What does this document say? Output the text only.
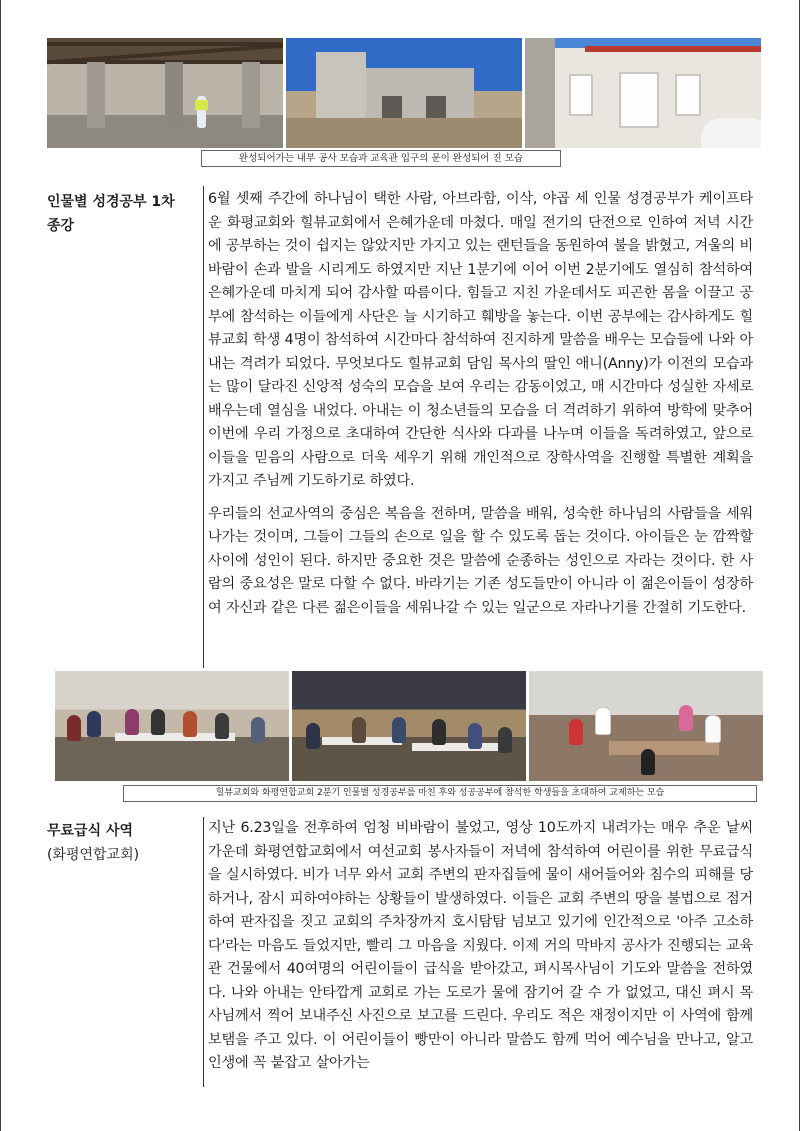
완성되어가는 내부 공사 모습과 교육관 입구의 문이 완성되어 진 모습
인물별 성경공부 1차 종강

6월 셋째 주간에 하나님이 택한 사람, 아브라함, 이삭, 야곱 세 인물 성경공부가 케이프타운 화평교회와 힐뷰교회에서 은혜가운데 마쳤다. 매일 전기의 단전으로 인하여 저녁 시간에 공부하는 것이 쉽지는 않았지만 가지고 있는 랜턴들을 동원하여 불을 밝혔고, 겨울의 비바람이 손과 발을 시리게도 하였지만 지난 1분기에 이어 이번 2분기에도 열심히 참석하여 은혜가운데 마치게 되어 감사할 따름이다. 힘들고 지친 가운데서도 피곤한 몸을 이끌고 공부에 참석하는 이들에게 사단은 늘 시기하고 훼방을 놓는다. 이번 공부에는 감사하게도 힐뷰교회 학생 4명이 참석하여 시간마다 참석하여 진지하게 말씀을 배우는 모습들에 나와 아내는 격려가 되었다. 무엇보다도 힐뷰교회 담임 목사의 딸인 애니(Anny)가 이전의 모습과는 많이 달라진 신앙적 성숙의 모습을 보여 우리는 감동이었고, 매 시간마다 성실한 자세로 배우는데 열심을 내었다. 아내는 이 청소년들의 모습을 더 격려하기 위하여 방학에 맞추어 이번에 우리 가정으로 초대하여 간단한 식사와 다과를 나누며 이들을 독려하였고, 앞으로 이들을 믿음의 사람으로 더욱 세우기 위해 개인적으로 장학사역을 진행할 특별한 계획을 가지고 주님께 기도하기로 하였다.

우리들의 선교사역의 중심은 복음을 전하며, 말씀을 배워, 성숙한 하나님의 사람들을 세워나가는 것이며, 그들이 그들의 손으로 일을 할 수 있도록 돕는 것이다. 아이들은 눈 깜짝할 사이에 성인이 된다. 하지만 중요한 것은 말씀에 순종하는 성인으로 자라는 것이다. 한 사람의 중요성은 말로 다할 수 없다. 바라기는 기존 성도들만이 아니라 이 젊은이들이 성장하여 자신과 같은 다른 젊은이들을 세워나갈 수 있는 일군으로 자라나기를 간절히 기도한다.

힐뷰교회와 화평연합교회 2분기 인물별 성경공부를 마친 후와 성공공부에 참석한 학생들을 초대하여 교제하는 모습
무료급식 사역
(화평연합교회)

지난 6.23일을 전후하여 엄청 비바람이 불었고, 영상 10도까지 내려가는 매우 추운 날씨 가운데 화평연합교회에서 여선교회 봉사자들이 저녁에 참석하여 어린이를 위한 무료급식을 실시하였다. 비가 너무 와서 교회 주변의 판자집들에 물이 새어들어와 침수의 피해를 당하거나, 잠시 피하여야하는 상황들이 발생하였다. 이들은 교회 주변의 땅을 불법으로 점거하여 판자집을 짓고 교회의 주차장까지 호시탐탐 넘보고 있기에 인간적으로 '아주 고소하다'라는 마음도 들었지만, 빨리 그 마음을 지웠다. 이제 거의 막바지 공사가 진행되는 교육관 건물에서 40여명의 어린이들이 급식을 받아갔고, 펴시목사님이 기도와 말씀을 전하였다. 나와 아내는 안타깝게 교회로 가는 도로가 물에 잠기어 갈 수 가 없었고, 대신 펴시 목사님께서 찍어 보내주신 사진으로 보고를 드린다. 우리도 적은 재정이지만 이 사역에 함께 보탬을 주고 있다. 이 어린이들이 빵만이 아니라 말씀도 함께 먹어 예수님을 만나고, 알고 인생에 꼭 붙잡고 살아가는
